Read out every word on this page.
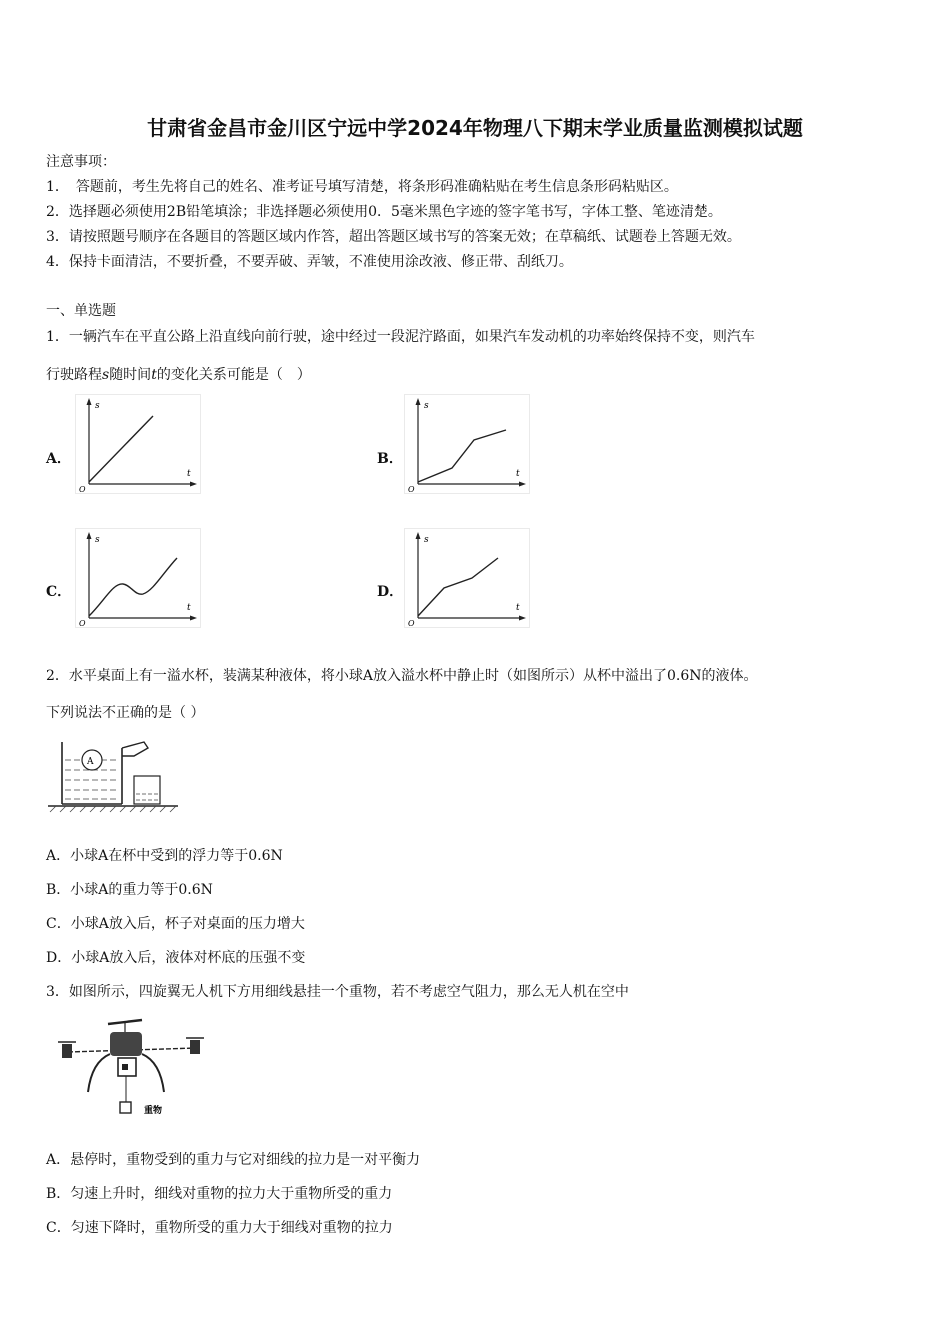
甘肃省金昌市金川区宁远中学2024年物理八下期末学业质量监测模拟试题
注意事项：
1．　答题前，考生先将自己的姓名、准考证号填写清楚，将条形码准确粘贴在考生信息条形码粘贴区。
2．选择题必须使用2B铅笔填涂；非选择题必须使用0．5毫米黑色字迹的签字笔书写，字体工整、笔迹清楚。
3．请按照题号顺序在各题目的答题区域内作答，超出答题区域书写的答案无效；在草稿纸、试题卷上答题无效。
4．保持卡面清洁，不要折叠，不要弄破、弄皱，不准使用涂改液、修正带、刮纸刀。
一、单选题
1．一辆汽车在平直公路上沿直线向前行驶，途中经过一段泥泞路面，如果汽车发动机的功率始终保持不变，则汽车
行驶路程s随时间t的变化关系可能是（　）
A．	B．
C．	D．
s
t
O
s
t
O
s
t
O
s
t
O
2．水平桌面上有一溢水杯，装满某种液体，将小球A放入溢水杯中静止时（如图所示）从杯中溢出了0.6N的液体。
下列说法不正确的是（ ）
A
A．小球A在杯中受到的浮力等于0.6N
B．小球A的重力等于0.6N
C．小球A放入后，杯子对桌面的压力增大
D．小球A放入后，液体对杯底的压强不变
3．如图所示，四旋翼无人机下方用细线悬挂一个重物，若不考虑空气阻力，那么无人机在空中
重物
A．悬停时，重物受到的重力与它对细线的拉力是一对平衡力
B．匀速上升时，细线对重物的拉力大于重物所受的重力
C．匀速下降时，重物所受的重力大于细线对重物的拉力
